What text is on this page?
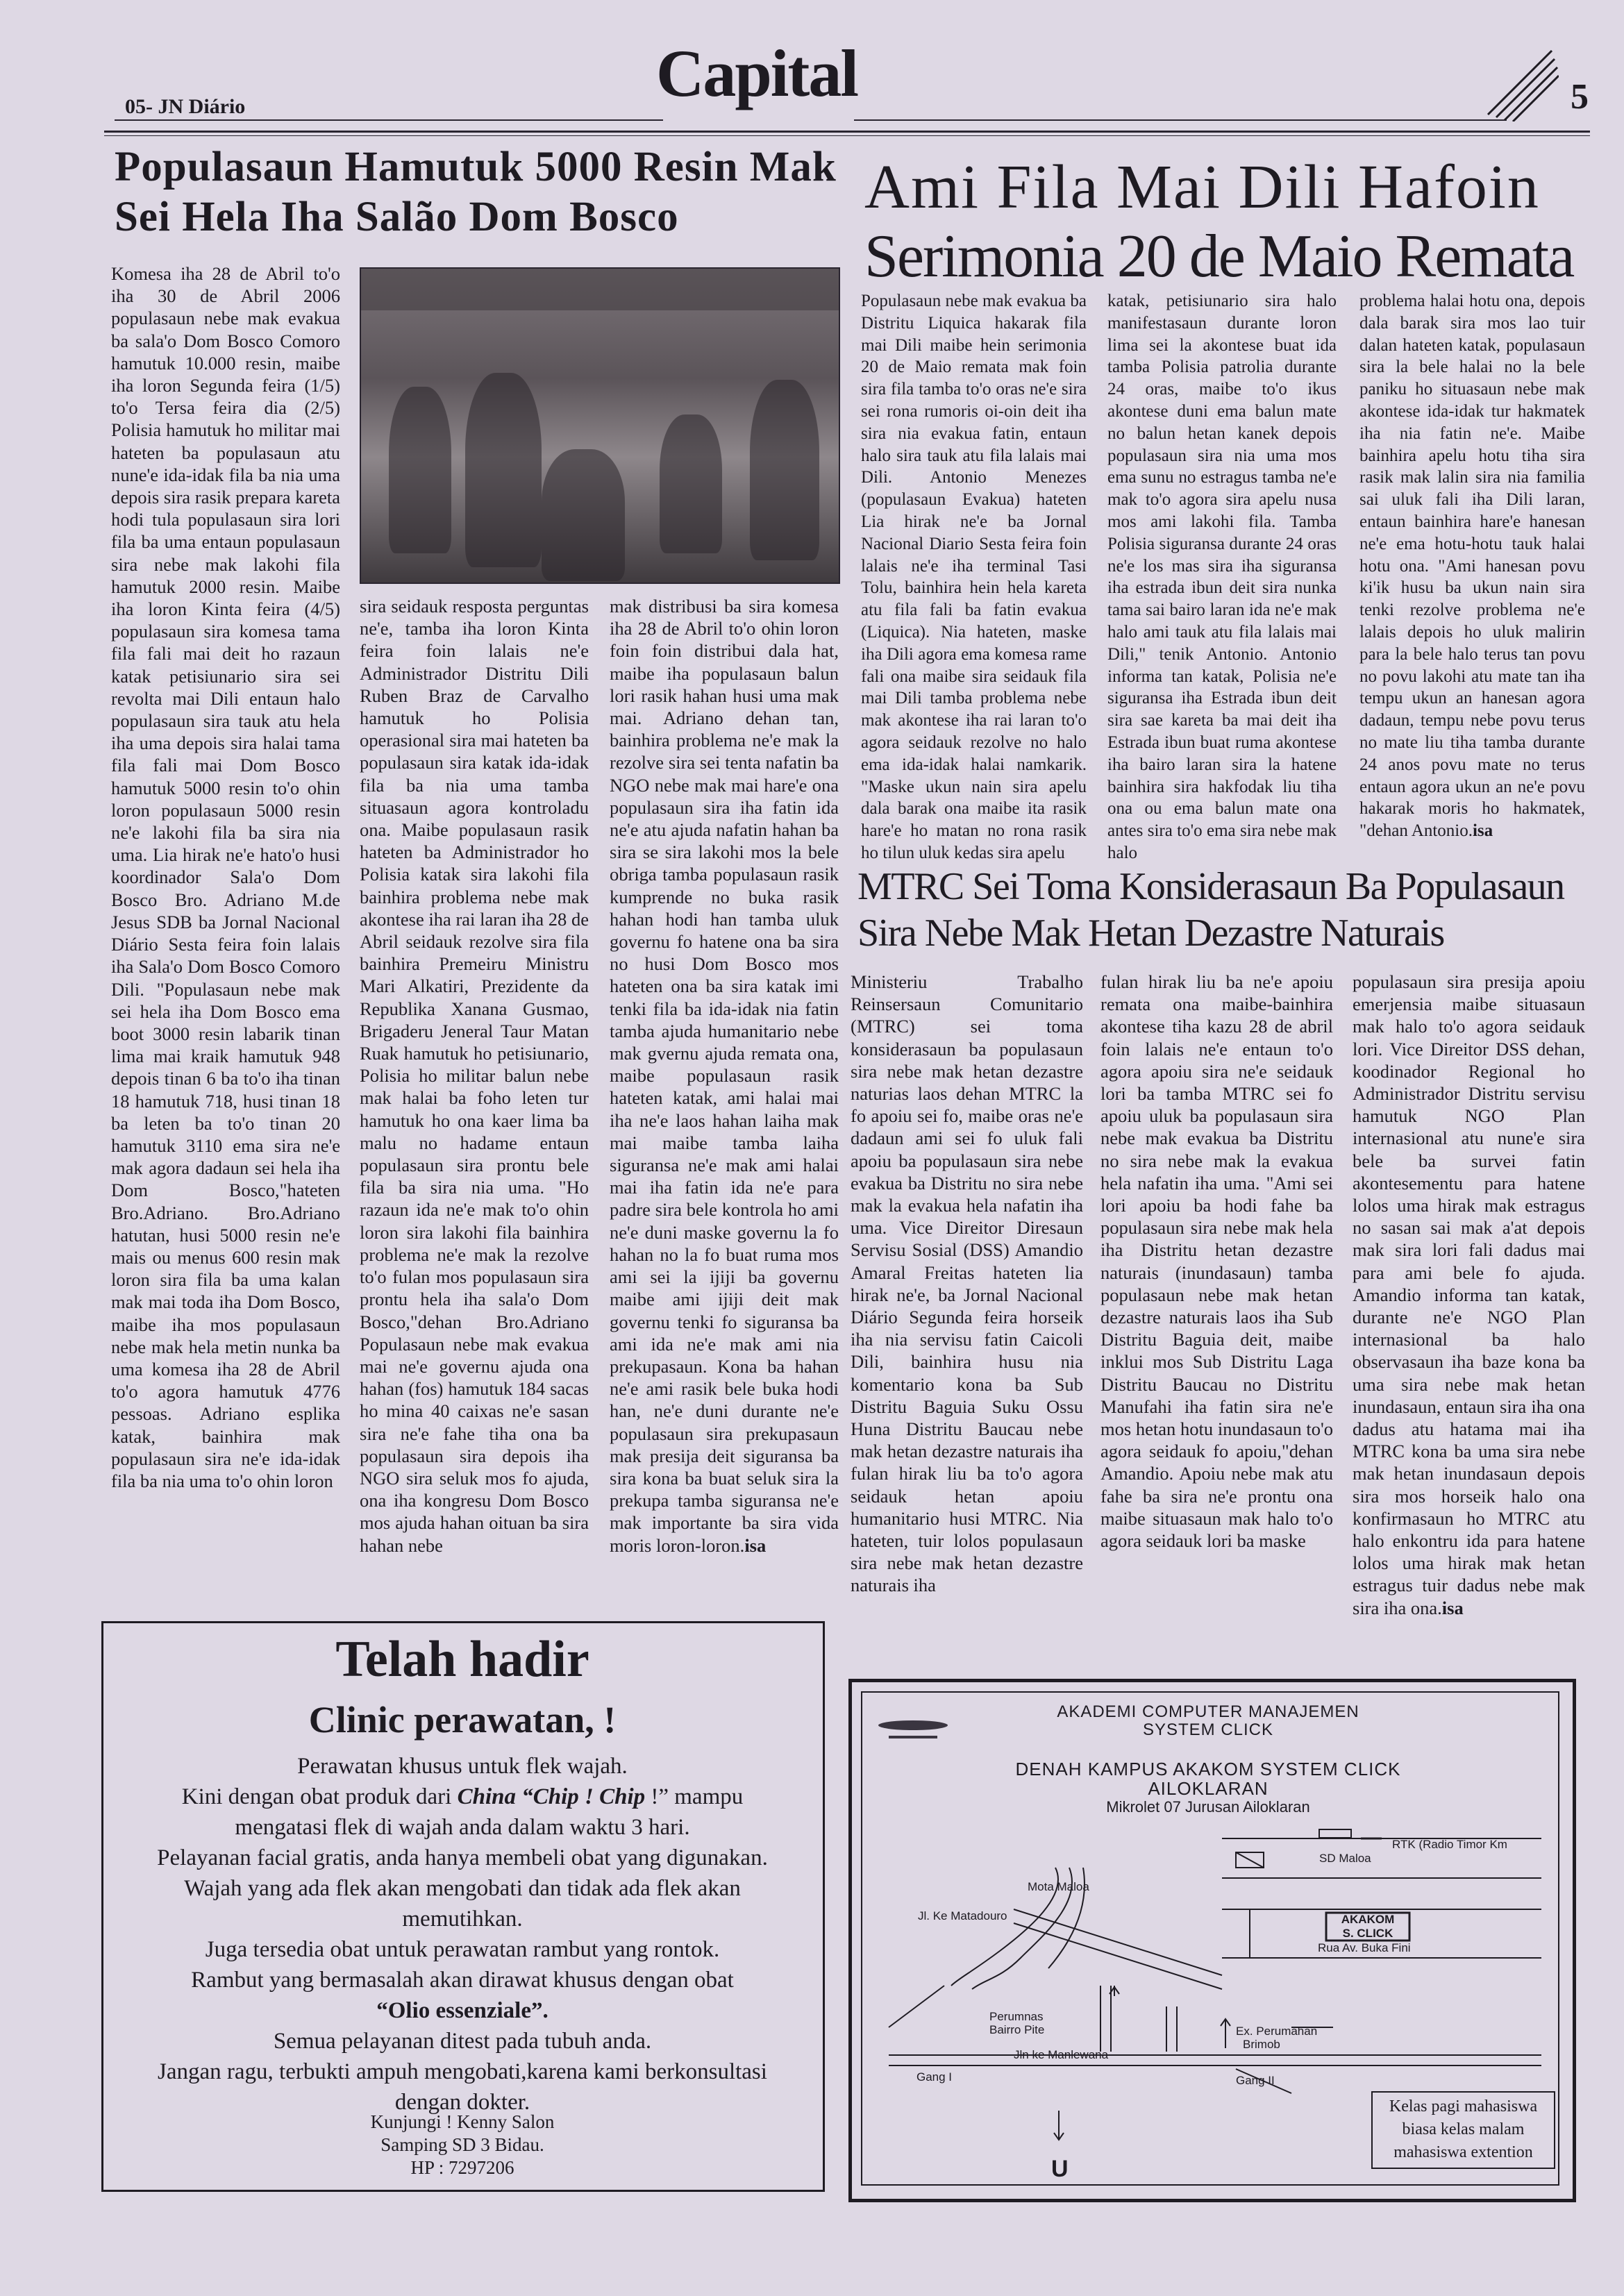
05- JN Diário	Capital	5
Populasaun Hamutuk 5000 Resin Mak Sei Hela Iha Salão Dom Bosco

Komesa iha 28 de Abril to'o iha 30 de Abril 2006 populasaun nebe mak evakua ba sala'o Dom Bosco Comoro hamutuk 10.000 resin, maibe iha loron Segunda feira (1/5) to'o Tersa feira dia (2/5) Polisia hamutuk ho militar mai hateten ba populasaun atu nune'e ida-idak fila ba nia uma depois sira rasik prepara kareta hodi tula populasaun sira lori fila ba uma entaun populasaun sira nebe mak lakohi fila hamutuk 2000 resin. Maibe iha loron Kinta feira (4/5) populasaun sira komesa tama fila fali mai deit ho razaun katak petisiunario sira sei revolta mai Dili entaun halo populasaun sira tauk atu hela iha uma depois sira halai tama fila fali mai Dom Bosco hamutuk 5000 resin to'o ohin loron populasaun 5000 resin ne'e lakohi fila ba sira nia uma. Lia hirak ne'e hato'o husi koordinador Sala'o Dom Bosco Bro. Adriano M.de Jesus SDB ba Jornal Nacional Diário Sesta feira foin lalais iha Sala'o Dom Bosco Comoro Dili. "Populasaun nebe mak sei hela iha Dom Bosco ema boot 3000 resin labarik tinan lima mai kraik hamutuk 948 depois tinan 6 ba to'o iha tinan 18 hamutuk 718, husi tinan 18 ba leten ba to'o tinan 20 hamutuk 3110 ema sira ne'e mak agora dadaun sei hela iha Dom Bosco,"hateten Bro.Adriano. Bro.Adriano hatutan, husi 5000 resin ne'e mais ou menus 600 resin mak loron sira fila ba uma kalan mak mai toda iha Dom Bosco, maibe iha mos populasaun nebe mak hela metin nunka ba uma komesa iha 28 de Abril to'o agora hamutuk 4776 pessoas. Adriano esplika katak, bainhira mak populasaun sira ne'e ida-idak fila ba nia uma to'o ohin loron

sira seidauk resposta perguntas ne'e, tamba iha loron Kinta feira foin lalais ne'e Administrador Distritu Dili Ruben Braz de Carvalho hamutuk ho Polisia operasional sira mai hateten ba populasaun sira katak ida-idak fila ba nia uma tamba situasaun agora kontroladu ona. Maibe populasaun rasik hateten ba Administrador ho Polisia katak sira lakohi fila bainhira problema nebe mak akontese iha rai laran iha 28 de Abril seidauk rezolve sira fila bainhira Premeiru Ministru Mari Alkatiri, Prezidente da Republika Xanana Gusmao, Brigaderu Jeneral Taur Matan Ruak hamutuk ho petisiunario, Polisia ho militar balun nebe mak halai ba foho leten tur hamutuk ho ona kaer lima ba malu no hadame entaun populasaun sira prontu bele fila ba sira nia uma. "Ho razaun ida ne'e mak to'o ohin loron sira lakohi fila bainhira problema ne'e mak la rezolve to'o fulan mos populasaun sira prontu hela iha sala'o Dom Bosco,"dehan Bro.Adriano Populasaun nebe mak evakua mai ne'e governu ajuda ona hahan (fos) hamutuk 184 sacas ho mina 40 caixas ne'e sasan sira ne'e fahe tiha ona ba populasaun sira depois iha NGO sira seluk mos fo ajuda, ona iha kongresu Dom Bosco mos ajuda hahan oituan ba sira hahan nebe

mak distribusi ba sira komesa iha 28 de Abril to'o ohin loron foin foin distribui dala hat, maibe iha populasaun balun lori rasik hahan husi uma mak mai. Adriano dehan tan, bainhira problema ne'e mak la rezolve sira sei tenta nafatin ba NGO nebe mak mai hare'e ona populasaun sira iha fatin ida ne'e atu ajuda nafatin hahan ba sira se sira lakohi mos la bele obriga tamba populasaun rasik kumprende no buka rasik hahan hodi han tamba uluk governu fo hatene ona ba sira no husi Dom Bosco mos hateten ona ba sira katak imi tenki fila ba ida-idak nia fatin tamba ajuda humanitario nebe mak gvernu ajuda remata ona, maibe populasaun rasik hateten katak, ami halai mai iha ne'e laos hahan laiha mak mai maibe tamba laiha siguransa ne'e mak ami halai mai iha fatin ida ne'e para padre sira bele kontrola ho ami ne'e duni maske governu la fo hahan no la fo buat ruma mos ami sei la ijiji ba governu maibe ami ijiji deit mak governu tenki fo siguransa ba ami ida ne'e mak ami nia prekupasaun. Kona ba hahan ne'e ami rasik bele buka hodi han, ne'e duni durante ne'e populasaun sira prekupasaun mak presija deit siguransa ba sira kona ba buat seluk sira la prekupa tamba siguransa ne'e mak importante ba sira vida moris loron-loron.isa

Ami Fila Mai Dili Hafoin
Serimonia 20 de Maio Remata

Populasaun nebe mak evakua ba Distritu Liquica hakarak fila mai Dili maibe hein serimonia 20 de Maio remata mak foin sira fila tamba to'o oras ne'e sira sei rona rumoris oi-oin deit iha sira nia evakua fatin, entaun halo sira tauk atu fila lalais mai Dili. Antonio Menezes (populasaun Evakua) hateten Lia hirak ne'e ba Jornal Nacional Diario Sesta feira foin lalais ne'e iha terminal Tasi Tolu, bainhira hein hela kareta atu fila fali ba fatin evakua (Liquica). Nia hateten, maske iha Dili agora ema komesa rame fali ona maibe sira seidauk fila mai Dili tamba problema nebe mak akontese iha rai laran to'o agora seidauk rezolve no halo ema ida-idak halai namkarik. "Maske ukun nain sira apelu dala barak ona maibe ita rasik hare'e ho matan no rona rasik ho tilun uluk kedas sira apelu

katak, petisiunario sira halo manifestasaun durante loron lima sei la akontese buat ida tamba Polisia patrolia durante 24 oras, maibe to'o ikus akontese duni ema balun mate no balun hetan kanek depois populasaun sira nia uma mos ema sunu no estragus tamba ne'e mak to'o agora sira apelu nusa mos ami lakohi fila. Tamba Polisia siguransa durante 24 oras ne'e los mas sira iha siguransa iha estrada ibun deit sira nunka tama sai bairo laran ida ne'e mak halo ami tauk atu fila lalais mai Dili," tenik Antonio. Antonio informa tan katak, Polisia ne'e siguransa iha Estrada ibun deit sira sae kareta ba mai deit iha Estrada ibun buat ruma akontese iha bairo laran sira la hatene bainhira sira hakfodak liu tiha ona ou ema balun mate ona antes sira to'o ema sira nebe mak halo

problema halai hotu ona, depois dala barak sira mos lao tuir dalan hateten katak, populasaun sira la bele halai no la bele paniku ho situasaun nebe mak akontese ida-idak tur hakmatek iha nia fatin ne'e. Maibe bainhira apelu hotu tiha sira rasik mak lalin sira nia familia sai uluk fali iha Dili laran, entaun bainhira hare'e hanesan ne'e ema hotu-hotu tauk halai hotu ona. "Ami hanesan povu ki'ik husu ba ukun nain sira tenki rezolve problema ne'e lalais depois ho uluk malirin para la bele halo terus tan povu no povu lakohi atu mate tan iha tempu ukun an hanesan agora dadaun, tempu nebe povu terus no mate liu tiha tamba durante 24 anos povu mate no terus entaun agora ukun an ne'e povu hakarak moris ho hakmatek, "dehan Antonio.isa

MTRC Sei Toma Konsiderasaun Ba Populasaun
Sira Nebe Mak Hetan Dezastre Naturais

Ministeriu Trabalho Reinsersaun Comunitario (MTRC) sei toma konsiderasaun ba populasaun sira nebe mak hetan dezastre naturias laos dehan MTRC la fo apoiu sei fo, maibe oras ne'e dadaun ami sei fo uluk fali apoiu ba populasaun sira nebe evakua ba Distritu no sira nebe mak la evakua hela nafatin iha uma. Vice Direitor Diresaun Servisu Sosial (DSS) Amandio Amaral Freitas hateten lia hirak ne'e, ba Jornal Nacional Diário Segunda feira horseik iha nia servisu fatin Caicoli Dili, bainhira husu nia komentario kona ba Sub Distritu Baguia Suku Ossu Huna Distritu Baucau nebe mak hetan dezastre naturais iha fulan hirak liu ba to'o agora seidauk hetan apoiu humanitario husi MTRC. Nia hateten, tuir lolos populasaun sira nebe mak hetan dezastre naturais iha

fulan hirak liu ba ne'e apoiu remata ona maibe-bainhira akontese tiha kazu 28 de abril foin lalais ne'e entaun to'o agora apoiu sira ne'e seidauk lori ba tamba MTRC sei fo apoiu uluk ba populasaun sira nebe mak evakua ba Distritu no sira nebe mak la evakua hela nafatin iha uma. "Ami sei lori apoiu ba hodi fahe ba populasaun sira nebe mak hela iha Distritu hetan dezastre naturais (inundasaun) tamba populasaun nebe mak hetan dezastre naturais laos iha Sub Distritu Baguia deit, maibe inklui mos Sub Distritu Laga Distritu Baucau no Distritu Manufahi iha fatin sira ne'e mos hetan hotu inundasaun to'o agora seidauk fo apoiu,"dehan Amandio. Apoiu nebe mak atu fahe ba sira ne'e prontu ona maibe situasaun mak halo to'o agora seidauk lori ba maske

populasaun sira presija apoiu emerjensia maibe situasaun mak halo to'o agora seidauk lori. Vice Direitor DSS dehan, koodinador Regional ho Administrador Distritu servisu hamutuk NGO Plan internasional atu nune'e sira bele ba survei fatin akontesementu para hatene lolos uma hirak mak estragus no sasan sai mak a'at depois mak sira lori fali dadus mai para ami bele fo ajuda. Amandio informa tan katak, durante ne'e NGO Plan internasional ba halo observasaun iha baze kona ba uma sira nebe mak hetan inundasaun, entaun sira iha ona dadus atu hatama mai iha MTRC kona ba uma sira nebe mak hetan inundasaun depois sira mos horseik halo ona konfirmasaun ho MTRC atu halo enkontru ida para hatene lolos uma hirak mak hetan estragus tuir dadus nebe mak sira iha ona.isa

Telah hadir
Clinic perawatan, !
Perawatan khusus untuk flek wajah.
Kini dengan obat produk dari China “Chip ! Chip !” mampu
mengatasi flek di wajah anda dalam waktu 3 hari.
Pelayanan facial gratis, anda hanya membeli obat yang digunakan.
Wajah yang ada flek akan mengobati dan tidak ada flek akan
memutihkan.
Juga tersedia obat untuk perawatan rambut yang rontok.
Rambut yang bermasalah akan dirawat khusus dengan obat
“Olio essenziale”.
Semua pelayanan ditest pada tubuh anda.
Jangan ragu, terbukti ampuh mengobati,karena kami berkonsultasi
dengan dokter.
Kunjungi ! Kenny Salon
Samping SD 3 Bidau.
HP : 7297206
AKADEMI COMPUTER MANAJEMEN
SYSTEM CLICK
DENAH KAMPUS AKAKOM SYSTEM CLICK
AILOKLARAN
Mikrolet 07 Jurusan Ailoklaran
RTK (Radio Timor Km
SD Maloa
Mota Maloa
Jl. Ke Matadouro	AKAKOM
S. CLICK
Rua Av. Buka Fini
Perumnas
Bairro Pite	Ex. Perumahan
Brimob
Jln ke Manlewana
Gang I	Gang II
U
Kelas pagi mahasiswa
biasa kelas malam
mahasiswa extention
